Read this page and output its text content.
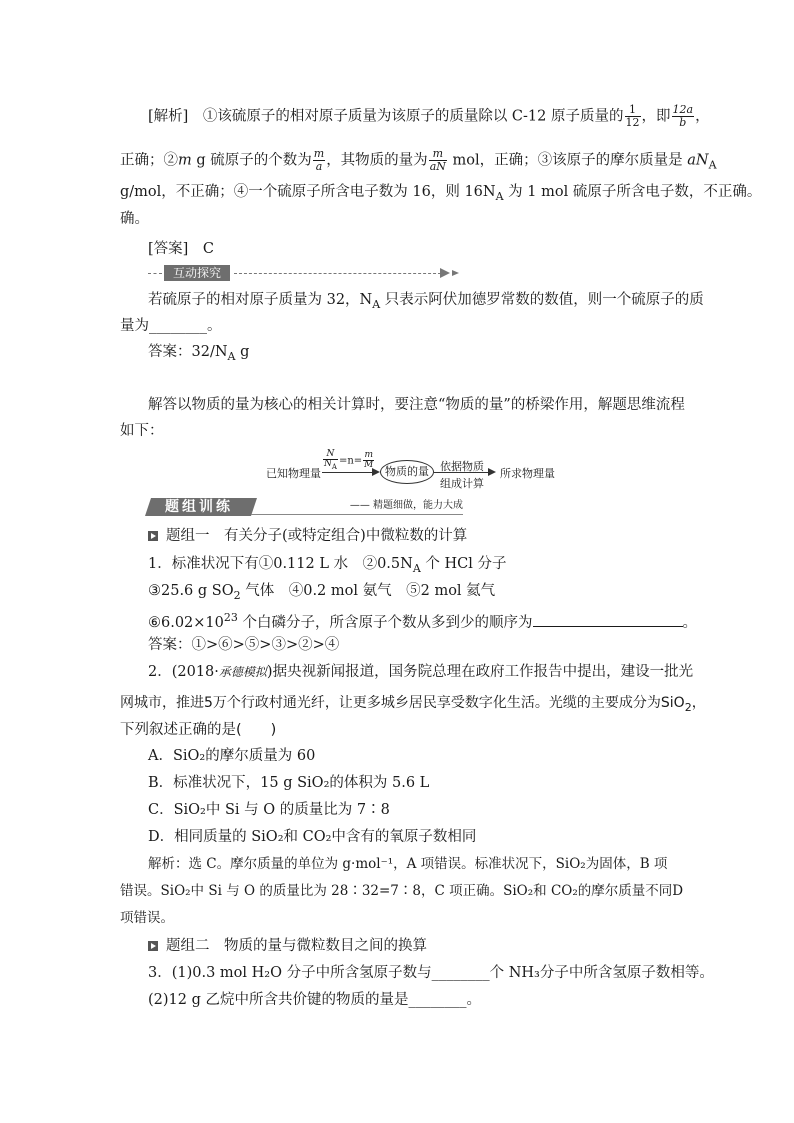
[解析]　 ①该硫原子的相对原子质量为该原子的质量除以 C-12 原子质量的 $\frac{1}{12}$ ，即 $\frac{12a}{b}$ ，
正确；②m g 硫原子的个数为 $\frac{m}{a}$ ，其物质的量为 $\frac{m}{aN}$ mol，正确；③该原子的摩尔质量是 $aN_A$
g/mol，不正确；④一个硫原子所含电子数为 16，则 $16N_A$ 为 1 mol 硫原子所含电子数，不正确。
确。
[答案]　 C
互动探究
若硫原子的相对原子质量为 32，$N_A$ 只表示阿伏加德罗常数的数值，则一个硫原子的质
量为________。
答案：$32/N_A$ g
解答以物质的量为核心的相关计算时，要注意“物质的量”的桥梁作用，解题思维流程
如下：
已知物理量
$\frac{N}{N_A} =n= \frac{m}{M}$
物质的量	依据物质
组成计算
所求物理量
题组训练	—— 精题细做，能力大成
题组一　有关分子(或特定组合)中微粒数的计算
1．标准状况下有①0.112 L 水　$②0.5N_A$ 个 HCl 分子
③25.6 g $SO_2$ 气体　④0.2 mol 氨气　⑤2 mol 氦气
$⑥6.02\times 10^{23}$ 个白磷分子，所含原子个数从多到少的顺序为	。
答案：①>⑥>⑤>③>②>④
2．(2018·承德模拟)据央视新闻报道，国务院总理在政府工作报告中提出，建设一批光
网城市，推进5万个行政村通光纤，让更多城乡居民享受数字化生活。光缆的主要成分为SiO$_2$，
下列叙述正确的是(　　)
A．SiO₂的摩尔质量为 60
B．标准状况下，15 g SiO₂的体积为 5.6 L
C．SiO₂中 Si 与 O 的质量比为 7∶8
D．相同质量的 SiO₂和 CO₂中含有的氧原子数相同
解析：选 C。摩尔质量的单位为 g·mol⁻¹，A 项错误。标准状况下，SiO₂为固体，B 项
错误。SiO₂中 Si 与 O 的质量比为 28∶32=7∶8，C 项正确。SiO₂和 CO₂的摩尔质量不同D
项错误。
题组二　物质的量与微粒数目之间的换算
3．(1)0.3 mol H₂O 分子中所含氢原子数与________个 NH₃分子中所含氢原子数相等。
(2)12 g 乙烷中所含共价键的物质的量是________。
